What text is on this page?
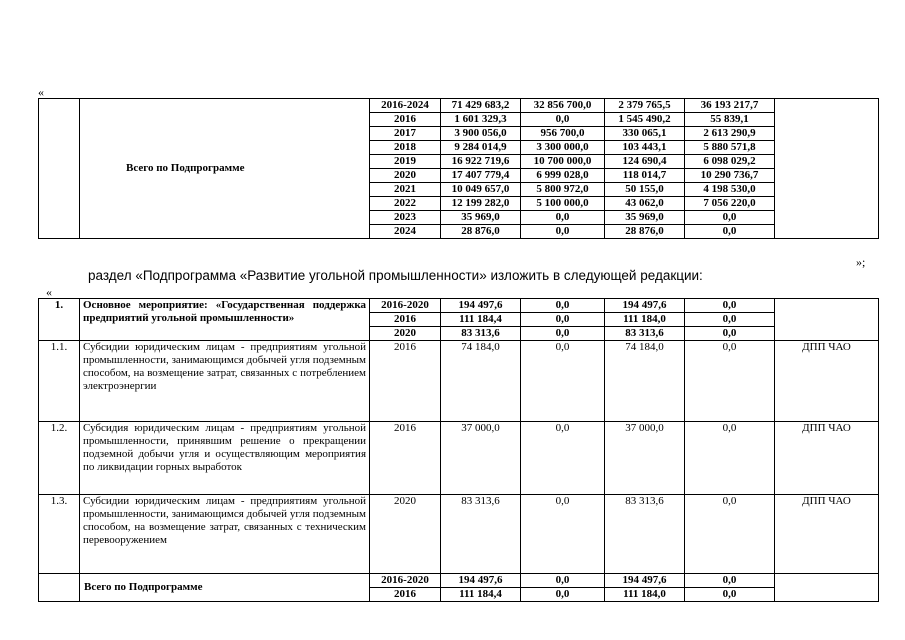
«
	Всего по Подпрограмме	2016-2024	71 429 683,2	32 856 700,0	2 379 765,5	36 193 217,7	
		2016	1 601 329,3	0,0	1 545 490,2	55 839,1	
		2017	3 900 056,0	956 700,0	330 065,1	2 613 290,9	
		2018	9 284 014,9	3 300 000,0	103 443,1	5 880 571,8	
		2019	16 922 719,6	10 700 000,0	124 690,4	6 098 029,2	
		2020	17 407 779,4	6 999 028,0	118 014,7	10 290 736,7	
		2021	10 049 657,0	5 800 972,0	50 155,0	4 198 530,0	
		2022	12 199 282,0	5 100 000,0	43 062,0	7 056 220,0	
		2023	35 969,0	0,0	35 969,0	0,0	
		2024	28 876,0	0,0	28 876,0	0,0	
»;
раздел «Подпрограмма «Развитие угольной промышленности» изложить в следующей редакции:
«
1.	Основное мероприятие: «Государственная поддержка предприятий угольной промышленности»	2016-2020	194 497,6	0,0	194 497,6	0,0	
		2016	111 184,4	0,0	111 184,0	0,0	
		2020	83 313,6	0,0	83 313,6	0,0	
1.1.	Субсидии юридическим лицам - предприятиям угольной промышленности, занимающимся добычей угля подземным способом, на возмещение затрат, связанных с потреблением электроэнергии	2016	74 184,0	0,0	74 184,0	0,0	ДПП ЧАО
1.2.	Субсидия юридическим лицам - предприятиям угольной промышленности, принявшим решение о прекращении подземной добычи угля и осуществляющим мероприятия по ликвидации горных выработок	2016	37 000,0	0,0	37 000,0	0,0	ДПП ЧАО
1.3.	Субсидии юридическим лицам - предприятиям угольной промышленности, занимающимся добычей угля подземным способом, на возмещение затрат, связанных с техническим перевооружением	2020	83 313,6	0,0	83 313,6	0,0	ДПП ЧАО
	Всего по Подпрограмме	2016-2020	194 497,6	0,0	194 497,6	0,0	
		2016	111 184,4	0,0	111 184,0	0,0	
